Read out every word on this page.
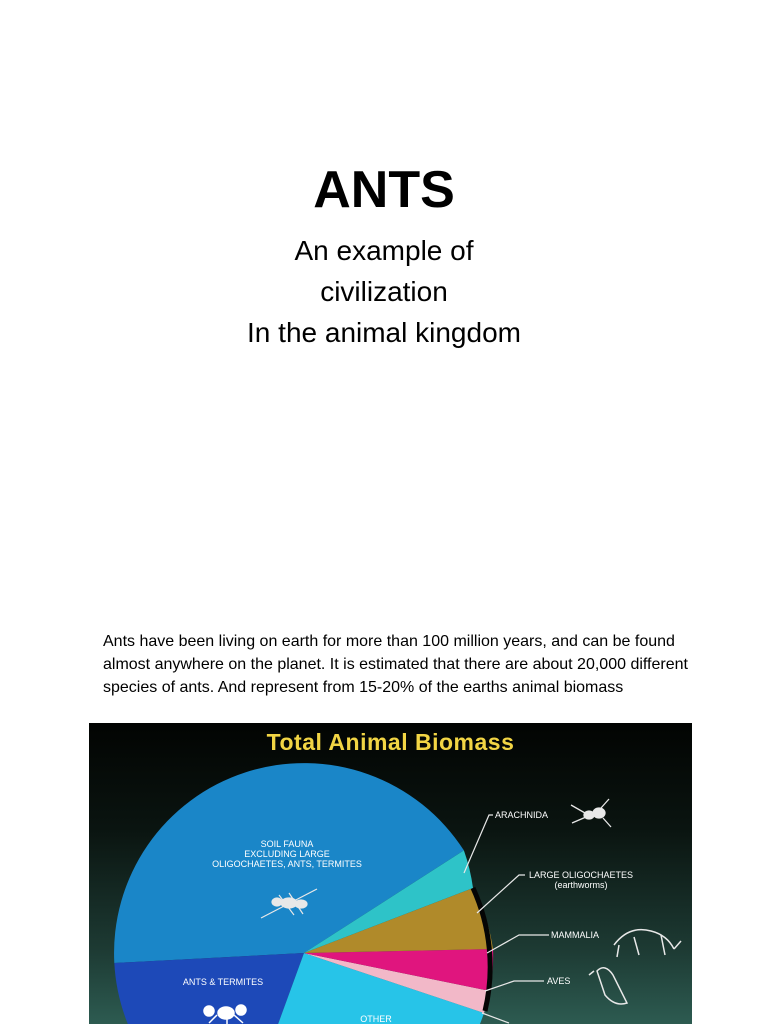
ANTS
An example of
civilization
In the animal kingdom
Ants have been living on earth for more than 100 million years, and can be found almost anywhere on the planet. It is estimated that there are about 20,000 different species of ants. And represent from 15-20% of the earths animal biomass
Total Animal Biomass
SOIL FAUNA
EXCLUDING LARGE
OLIGOCHAETES, ANTS, TERMITES
ANTS & TERMITES
OTHER
ARACHNIDA
LARGE OLIGOCHAETES
(earthworms)
MAMMALIA
AVES
